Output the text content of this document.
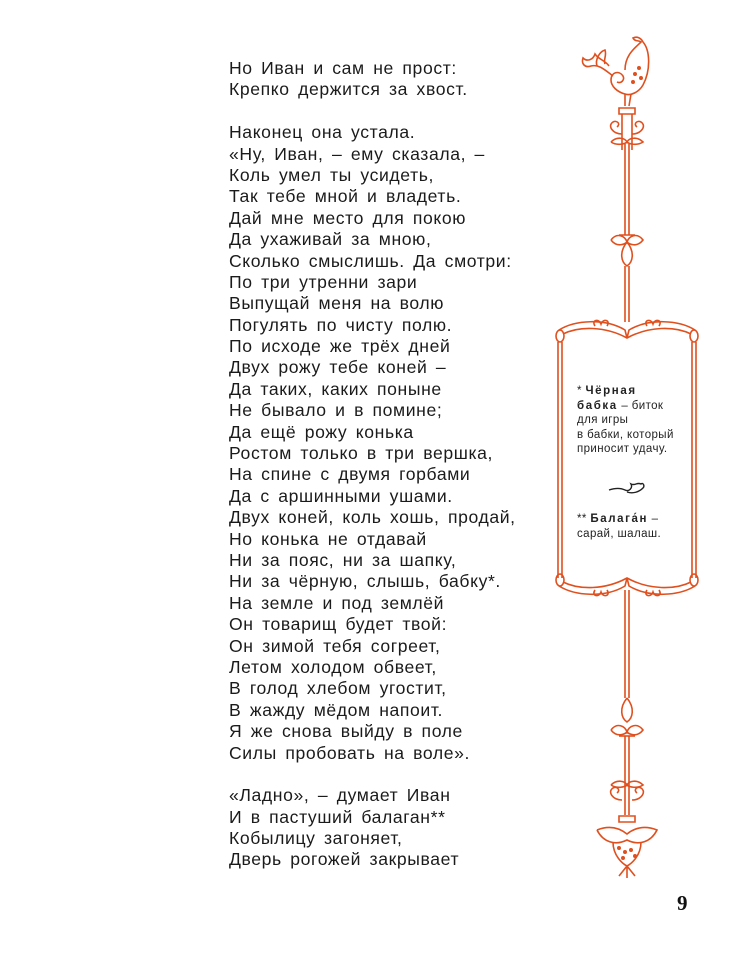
Но Иван и сам не прост:
Крепко держится за хвост.
Наконец она устала.
«Ну, Иван, – ему сказала, –
Коль умел ты усидеть,
Так тебе мной и владеть.
Дай мне место для покою
Да ухаживай за мною,
Сколько смыслишь. Да смотри:
По три утренни зари
Выпущай меня на волю
Погулять по чисту полю.
По исходе же трёх дней
Двух рожу тебе коней –
Да таких, каких поныне
Не бывало и в помине;
Да ещё рожу конька
Ростом только в три вершка,
На спине с двумя горбами
Да с аршинными ушами.
Двух коней, коль хошь, продай,
Но конька не отдавай
Ни за пояс, ни за шапку,
Ни за чёрную, слышь, бабку*.
На земле и под землёй
Он товарищ будет твой:
Он зимой тебя согреет,
Летом холодом обвеет,
В голод хлебом угостит,
В жажду мёдом напоит.
Я же снова выйду в поле
Силы пробовать на воле».
«Ладно», – думает Иван
И в пастуший балаган**
Кобылицу загоняет,
Дверь рогожей закрывает
* Чёрная
бабка – биток
для игры
в бабки, который
приносит удачу.
** Балага́н –
сарай, шалаш.
9
